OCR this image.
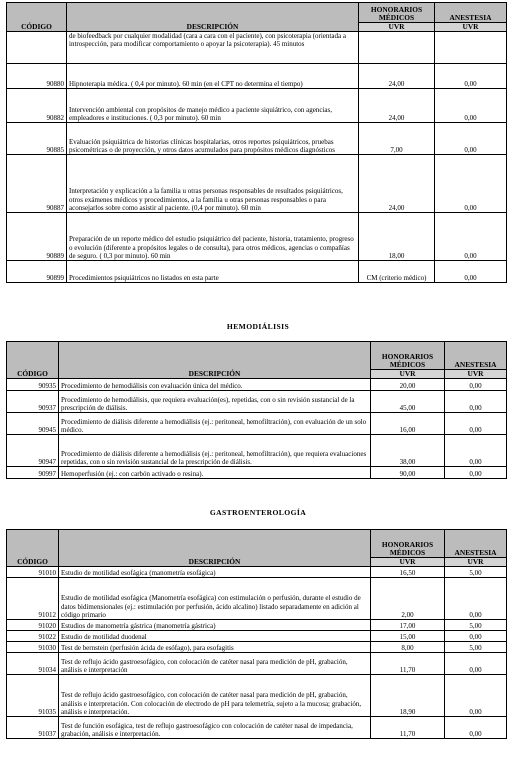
CÓDIGO	DESCRIPCIÓN	HONORARIOS MÉDICOS	ANESTESIA
		UVR	UVR
	de biofeedback por cualquier modalidad (cara a cara con el paciente), con psicoterapia (orientada a introspección, para modificar comportamiento o apoyar la psicoterapia). 45 minutos		
90880	Hipnoterapia médica. ( 0,4 por minuto). 60 min (en el CPT no determina el tiempo)	24,00	0,00
90882	Intervención ambiental con propósitos de manejo médico a paciente siquiátrico, con agencias, empleadores e instituciones. ( 0,3 por minuto). 60 min	24,00	0,00
90885	Evaluación psiquiátrica de historias clínicas hospitalarias, otros reportes psiquiátricos, pruebas psicométricas o de proyección, y otros datos acumulados para propósitos médicos diagnósticos	7,00	0,00
90887	Interpretación y explicación a la familia u otras personas responsables de resultados psiquiátricos, otros exámenes médicos y procedimientos, a la familia u otras personas responsables o para aconsejarlos sobre como asistir al paciente. (0,4 por minuto). 60 min	24,00	0,00
90889	Preparación de un reporte médico del estudio psiquiátrico del paciente, historia, tratamiento, progreso o evolución (diferente a propósitos legales o de consulta), para otros médicos, agencias o compañías de seguro. ( 0,3 por minuto). 60 min	18,00	0,00
90899	Procedimientos psiquiátricos no listados en esta parte	CM (criterio médico)	0,00
HEMODIÁLISIS
CÓDIGO	DESCRIPCIÓN	HONORARIOS MÉDICOS	ANESTESIA
		UVR	UVR
90935	Procedimiento de hemodiálisis con evaluación única del médico.	20,00	0,00
90937	Procedimiento de hemodiálisis, que requiera evaluación(es), repetidas, con o sin revisión sustancial de la prescripción de diálisis.	45,00	0,00
90945	Procedimiento de diálisis diferente a hemodiálisis (ej.: peritoneal, hemofiltración), con evaluación de un solo médico.	16,00	0,00
90947	Procedimiento de diálisis diferente a hemodiálisis (ej.: peritoneal, hemofiltración), que requiera evaluaciones repetidas, con o sin revisión sustancial de la prescripción de diálisis.	38,00	0,00
90997	Hemoperfusión (ej.: con carbón activado o resina).	90,00	0,00
GASTROENTEROLOGÍA
CÓDIGO	DESCRIPCIÓN	HONORARIOS MÉDICOS	ANESTESIA
		UVR	UVR
91010	Estudio de motilidad esofágica (manometría esofágica)	16,50	5,00
91012	Estudio de motilidad esofágica (Manometría esofágica) con estimulación o perfusión, durante el estudio de datos bidimensionales (ej.: estimulación por perfusión, ácido alcalino) listado separadamente en adición al código primario	2,00	0,00
91020	Estudios de manometría gástrica (manometría gástrica)	17,00	5,00
91022	Estudio de motilidad duodenal	15,00	0,00
91030	Test de bernstein (perfusión ácida de esófago), para esofagitis	8,00	5,00
91034	Test de reflujo ácido gastroesofágico, con colocación de catéter nasal para medición de pH, grabación, análisis e interpretación	11,70	0,00
91035	Test de reflujo ácido gastroesofágico, con colocación de catéter nasal para medición de pH, grabación, análisis e interpretación. Con colocación de electrodo de pH para telemetría, sujeto a la mucosa; grabación, análisis e interpretación.	18,90	0,00
91037	Test de función esofágica, test de reflujo gastroesofágico con colocación de catéter nasal de impedancia, grabación, análisis e interpretación.	11,70	0,00
